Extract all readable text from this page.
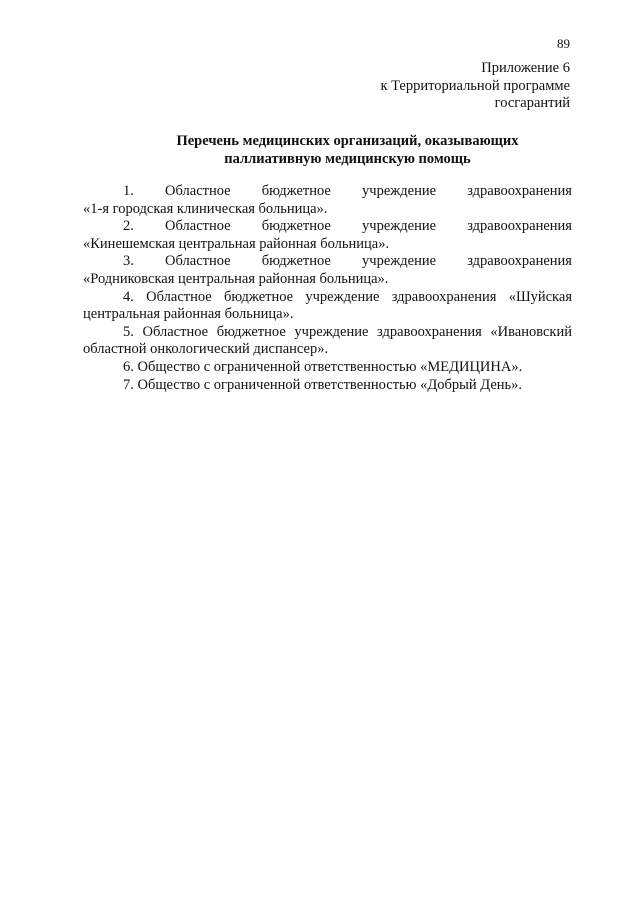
89
Приложение 6
к Территориальной программе
госгарантий
Перечень медицинских организаций, оказывающих
паллиативную медицинскую помощь
1. Областное бюджетное учреждение здравоохранения
«1-я городская клиническая больница».
2. Областное бюджетное учреждение здравоохранения
«Кинешемская центральная районная больница».
3. Областное бюджетное учреждение здравоохранения
«Родниковская центральная районная больница».

4. Областное бюджетное учреждение здравоохранения «Шуйская центральная районная больница».

5. Областное бюджетное учреждение здравоохранения «Ивановский областной онкологический диспансер».

6. Общество с ограниченной ответственностью «МЕДИЦИНА».

7. Общество с ограниченной ответственностью «Добрый День».
